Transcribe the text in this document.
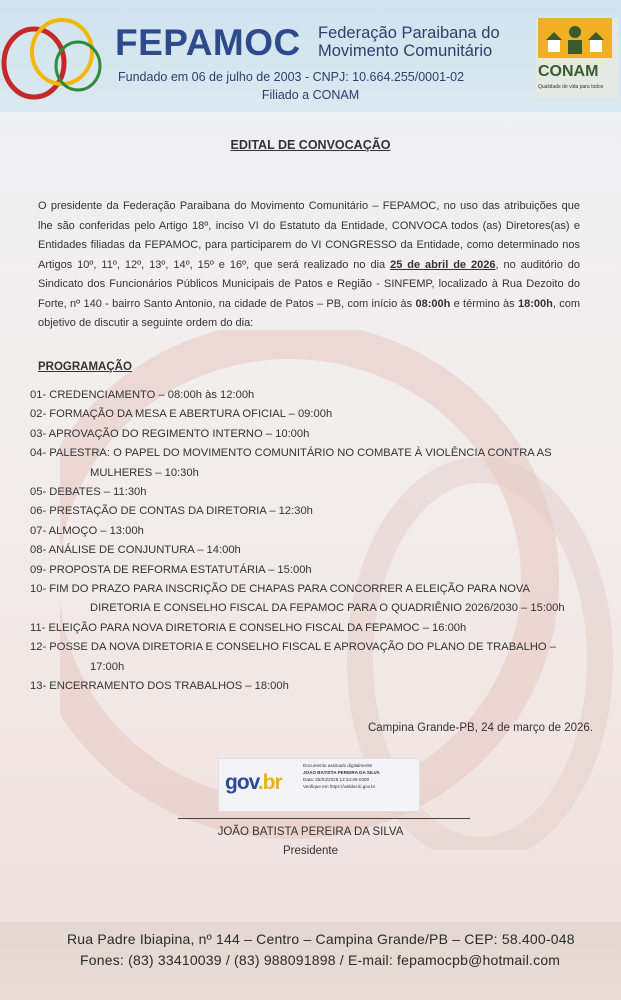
FEPAMOC Federação Paraibana do
Movimento Comunitário
Fundado em 06 de julho de 2003 - CNPJ: 10.664.255/0001-02
Filiado a CONAM
CONAM
Qualidade de vida para todos
EDITAL DE CONVOCAÇÃO
O presidente da Federação Paraibana do Movimento Comunitário – FEPAMOC, no uso das atribuições que lhe são conferidas pelo Artigo 18º, inciso VI do Estatuto da Entidade, CONVOCA todos (as) Diretores(as) e Entidades filiadas da FEPAMOC, para participarem do VI CONGRESSO da Entidade, como determinado nos Artigos 10º, 11º, 12º, 13º, 14º, 15º e 16º, que será realizado no dia 25 de abril de 2026, no auditório do Sindicato dos Funcionários Públicos Municipais de Patos e Região - SINFEMP, localizado à Rua Dezoito do Forte, nº 140 - bairro Santo Antonio, na cidade de Patos – PB, com início às 08:00h e término às 18:00h, com objetivo de discutir a seguinte ordem do dia:
PROGRAMAÇÃO
01- CREDENCIAMENTO – 08:00h às 12:00h
02- FORMAÇÃO DA MESA E ABERTURA OFICIAL – 09:00h
03- APROVAÇÃO DO REGIMENTO INTERNO – 10:00h
04- PALESTRA: O PAPEL DO MOVIMENTO COMUNITÁRIO NO COMBATE À VIOLÊNCIA CONTRA AS
MULHERES – 10:30h
05- DEBATES – 11:30h
06- PRESTAÇÃO DE CONTAS DA DIRETORIA – 12:30h
07- ALMOÇO – 13:00h
08- ANÁLISE DE CONJUNTURA – 14:00h
09- PROPOSTA DE REFORMA ESTATUTÁRIA – 15:00h
10- FIM DO PRAZO PARA INSCRIÇÃO DE CHAPAS PARA CONCORRER A ELEIÇÃO PARA NOVA
DIRETORIA E CONSELHO FISCAL DA FEPAMOC PARA O QUADRIÊNIO 2026/2030 – 15:00h
11- ELEIÇÃO PARA NOVA DIRETORIA E CONSELHO FISCAL DA FEPAMOC – 16:00h
12- POSSE DA NOVA DIRETORIA E CONSELHO FISCAL E APROVAÇÃO DO PLANO DE TRABALHO –
17:00h
13- ENCERRAMENTO DOS TRABALHOS – 18:00h
Campina Grande-PB, 24 de março de 2026.
gov.br
Documento assinado digitalmente
JOAO BATISTA PEREIRA DA SILVA
Data: 25/03/2026 12:34:46-0300
Verifique em https://validar.iti.gov.br
JOÃO BATISTA PEREIRA DA SILVA
Presidente
Rua Padre Ibiapina, nº 144 – Centro – Campina Grande/PB – CEP: 58.400-048
Fones: (83) 33410039 / (83) 988091898 / E-mail: fepamocpb@hotmail.com
